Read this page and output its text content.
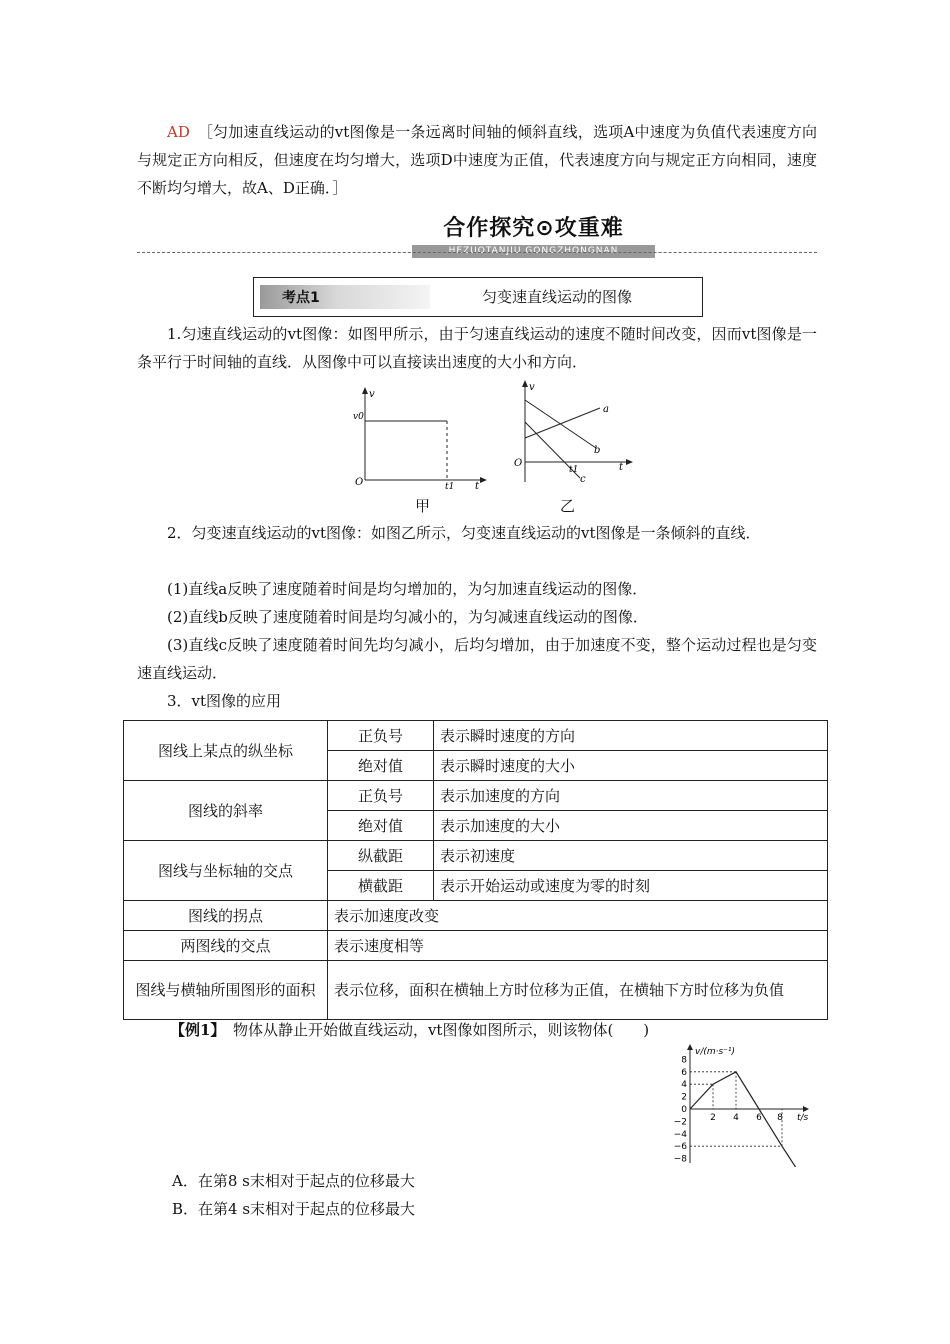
AD　 ［匀加速直线运动的vt图像是一条远离时间轴的倾斜直线，选项A中速度为负值代表速度方向与规定正方向相反，但速度在均匀增大，选项D中速度为正值，代表速度方向与规定正方向相同，速度不断均匀增大，故A、D正确．］
合作探究⊙攻重难
HEZUOTANJIU GONGZHONGNAN
考点1	匀变速直线运动的图像
1.匀速直线运动的vt图像：如图甲所示，由于匀速直线运动的速度不随时间改变，因而vt图像是一条平行于时间轴的直线．从图像中可以直接读出速度的大小和方向．
v
v0
O	t1 t
甲
v
O
t1	t
a
b
c
乙
2．匀变速直线运动的vt图像：如图乙所示，匀变速直线运动的vt图像是一条倾斜的直线．
(1)直线a反映了速度随着时间是均匀增加的，为匀加速直线运动的图像．
(2)直线b反映了速度随着时间是均匀减小的，为匀减速直线运动的图像．
(3)直线c反映了速度随着时间先均匀减小，后均匀增加，由于加速度不变，整个运动过程也是匀变速直线运动．
3．vt图像的应用
图线上某点的纵坐标	正负号	表示瞬时速度的方向
	绝对值	表示瞬时速度的大小
图线的斜率	正负号	表示加速度的方向
	绝对值	表示加速度的大小
图线与坐标轴的交点	纵截距	表示初速度
	横截距	表示开始运动或速度为零的时刻
图线的拐点	表示加速度改变	
两图线的交点	表示速度相等	
图线与横轴所围图形的面积	表示位移，面积在横轴上方时位移为正值，在横轴下方时位移为负值	
【例1】　 物体从静止开始做直线运动，vt图像如图所示，则该物体(　　)
v/(m·s⁻¹)
t/s
8
6
4
2
0
−2
−4
−6
−8
2 4 6 8
A．在第8 s末相对于起点的位移最大
B．在第4 s末相对于起点的位移最大
